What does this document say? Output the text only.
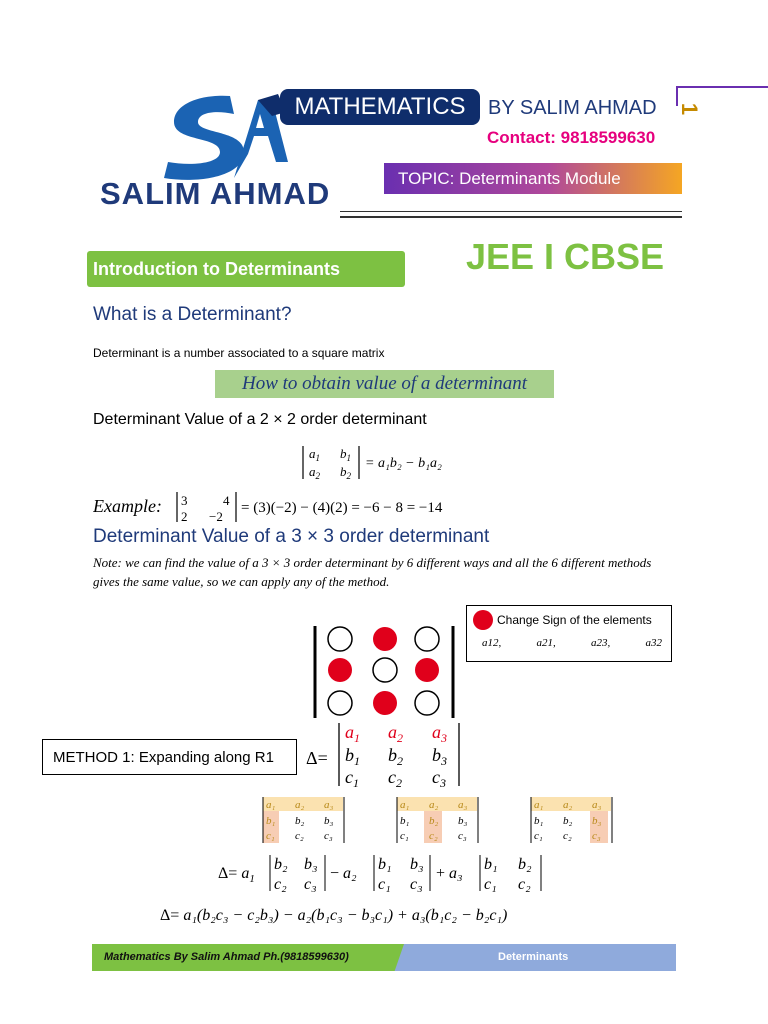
SALIM AHMAD
MATHEMATICS	BY SALIM AHMAD
Contact: 9818599630
TOPIC: Determinants Module
1
Introduction to Determinants	JEE I CBSE
What is a Determinant?
Determinant is a number associated to a square matrix
How to obtain value of a determinant
Determinant Value of a 2 × 2 order determinant
$a_1$ $b_1$
$a_2$ $b_2$
= a₁b₂ − b₁a₂
Example: 3	4
2 −2
= (3)(−2) − (4)(2) = −6 − 8 = −14
Determinant Value of a 3 × 3 order determinant
Note: we can find the value of a 3 × 3 order determinant by 6 different ways and all the 6 different methods gives the same value, so we can apply any of the method.
Change Sign of the elements
a12,	a21,	a23,	a32
METHOD 1: Expanding along R1	Δ=
$a_1$ $a_2$ $a_3$
$b_1$ $b_2$ $b_3$
$c_1$ $c_2$ $c_3$
a₁ a₂ a₃
b₁ b₂ b₃
c₁ c₂ c₃
a₁ a₂ a₃
b₁ b₂ b₃
c₁ c₂ c₃
a₁ a₂ a₃
b₁ b₂ b₃
c₁ c₂ c₃
$\Delta= a_1$
b₂ b₃
c₂ c₃
− a₂
b₁ b₃
c₁ c₃
+ a₃
b₁ b₂
c₁ c₂
Δ = a₁|b₂ b₃; c₂ c₃| − a₂|b₁ b₃; c₁ c₃| + a₃|b₁ b₂; c₁ c₂|
Δ= a₁(b₂c₃ − c₂b₃) − a₂(b₁c₃ − b₃c₁) + a₃(b₁c₂ − b₂c₁)
Δ= a1(b2c3 − c2b3) − a2(b1c3 − b3c1) + a3(b1c2 − b2c1)
Mathematics By Salim Ahmad Ph.(9818599630)	Determinants
